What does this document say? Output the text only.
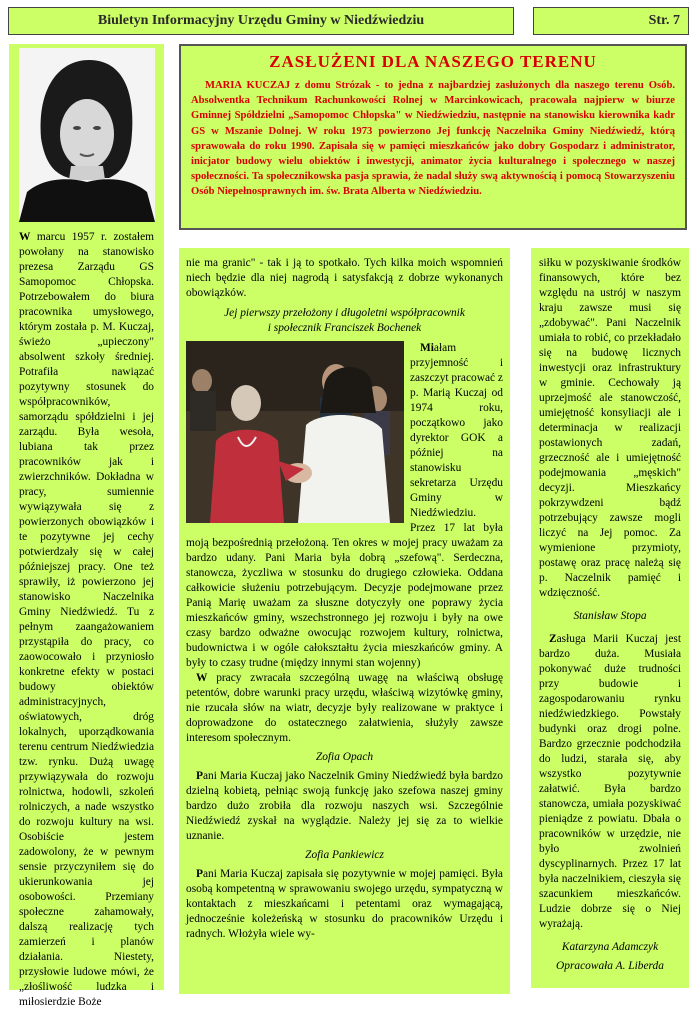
Biuletyn Informacyjny Urzędu Gminy w Niedźwiedziu	Str. 7

W marcu 1957 r. zostałem powołany na stanowisko prezesa Zarządu GS Samopomoc Chłopska. Potrzebowałem do biura pracownika umysłowego, którym została p. M. Kuczaj, świeżo „upieczony" absolwent szkoły średniej. Potrafiła nawiązać pozytywny stosunek do współpracowników, samorządu spółdzielni i jej zarządu. Była wesoła, lubiana tak przez pracowników jak i zwierzchników. Dokładna w pracy, sumiennie wywiązywała się z powierzonych obowiązków i te pozytywne jej cechy potwierdzały się w całej późniejszej pracy. One też sprawiły, iż powierzono jej stanowisko Naczelnika Gminy Niedźwiedź. Tu z pełnym zaangażowaniem przystąpiła do pracy, co zaowocowało i przyniosło konkretne efekty w postaci budowy obiektów administracyjnych, oświatowych, dróg lokalnych, uporządkowania terenu centrum Niedźwiedzia tzw. rynku. Dużą uwagę przywiązywała do rozwoju rolnictwa, hodowli, szkoleń rolniczych, a nade wszystko do rozwoju kultury na wsi. Osobiście jestem zadowolony, że w pewnym sensie przyczyniłem się do ukierunkowania jej osobowości. Przemiany społeczne zahamowały, dalszą realizację tych zamierzeń i planów działania. Niestety, przysłowie ludowe mówi, że „złośliwość ludzka i miłosierdzie Boże

ZASŁUŻENI DLA NASZEGO TERENU

MARIA KUCZAJ z domu Strózak - to jedna z najbardziej zasłużonych dla naszego terenu Osób. Absolwentka Technikum Rachunkowości Rolnej w Marcinkowicach, pracowała najpierw w biurze Gminnej Spółdzielni „Samopomoc Chłopska" w Niedźwiedziu, następnie na stanowisku kierownika kadr GS w Mszanie Dolnej. W roku 1973 powierzono Jej funkcję Naczelnika Gminy Niedźwiedź, którą sprawowała do roku 1990. Zapisała się w pamięci mieszkańców jako dobry Gospodarz i administrator, inicjator budowy wielu obiektów i inwestycji, animator życia kulturalnego i społecznego w naszej społeczności. Ta społecznikowska pasja sprawia, że nadal służy swą aktywnością i pomocą Stowarzyszeniu Osób Niepełnosprawnych im. św. Brata Alberta w Niedźwiedziu.

nie ma granic" - tak i ją to spotkało. Tych kilka moich wspomnień niech będzie dla niej nagrodą i satysfakcją z dobrze wykonanych obowiązków.

Jej pierwszy przełożony i długoletni współpracownik

i społecznik Franciszek Bochenek

Miałam przyjemność i zaszczyt pracować z p. Marią Kuczaj od 1974 roku, początkowo jako dyrektor GOK a później na stanowisku sekretarza Urzędu Gminy w Niedźwiedziu. Przez 17 lat była moją bezpośrednią przełożoną. Ten okres w mojej pracy uważam za bardzo udany. Pani Maria była dobrą „szefową". Serdeczna, stanowcza, życzliwa w stosunku do drugiego człowieka. Oddana całkowicie służeniu potrzebującym. Decyzje podejmowane przez Panią Marię uważam za słuszne dotyczyły one poprawy życia mieszkańców gminy, wszechstronnego jej rozwoju i były na owe czasy bardzo odważne owocując rozwojem kultury, rolnictwa, budownictwa i w ogóle całokształtu życia mieszkańców gminy. A były to czasy trudne (między innymi stan wojenny)

W pracy zwracała szczególną uwagę na właściwą obsługę petentów, dobre warunki pracy urzędu, właściwą wizytówkę gminy, nie rzucała słów na wiatr, decyzje były realizowane w praktyce i doprowadzone do ostatecznego załatwienia, służyły zawsze interesom społecznym.

Zofia Opach

Pani Maria Kuczaj jako Naczelnik Gminy Niedźwiedź była bardzo dzielną kobietą, pełniąc swoją funkcję jako szefowa naszej gminy bardzo dużo zrobiła dla rozwoju naszych wsi. Szczególnie Niedźwiedź zyskał na wyglądzie. Należy jej się za to wielkie uznanie.

Zofia Pankiewicz

Pani Maria Kuczaj zapisała się pozytywnie w mojej pamięci. Była osobą kompetentną w sprawowaniu swojego urzędu, sympatyczną w kontaktach z mieszkańcami i petentami oraz wymagającą, jednocześnie koleżeńską w stosunku do pracowników Urzędu i radnych. Włożyła wiele wy-

siłku w pozyskiwanie środków finansowych, które bez względu na ustrój w naszym kraju zawsze musi się „zdobywać". Pani Naczelnik umiała to robić, co przekładało się na budowę licznych inwestycji oraz infrastruktury w gminie. Cechowały ją uprzejmość ale stanowczość, umiejętność konsyliacji ale i determinacja w realizacji postawionych zadań, grzeczność ale i umiejętność podejmowania „męskich" decyzji. Mieszkańcy pokrzywdzeni bądź potrzebujący zawsze mogli liczyć na Jej pomoc. Za wymienione przymioty, postawę oraz pracę należą się p. Naczelnik pamięć i wdzięczność.

Stanisław Stopa

Zasługa Marii Kuczaj jest bardzo duża. Musiała pokonywać duże trudności przy budowie i zagospodarowaniu rynku niedźwiedzkiego. Powstały budynki oraz drogi polne. Bardzo grzecznie podchodziła do ludzi, starała się, aby wszystko pozytywnie załatwić. Była bardzo stanowcza, umiała pozyskiwać pieniądze z powiatu. Dbała o pracowników w urzędzie, nie było zwolnień dyscyplinarnych. Przez 17 lat była naczelnikiem, cieszyła się szacunkiem mieszkańców. Ludzie dobrze się o Niej wyrażają.

Katarzyna Adamczyk

Opracowała A. Liberda
